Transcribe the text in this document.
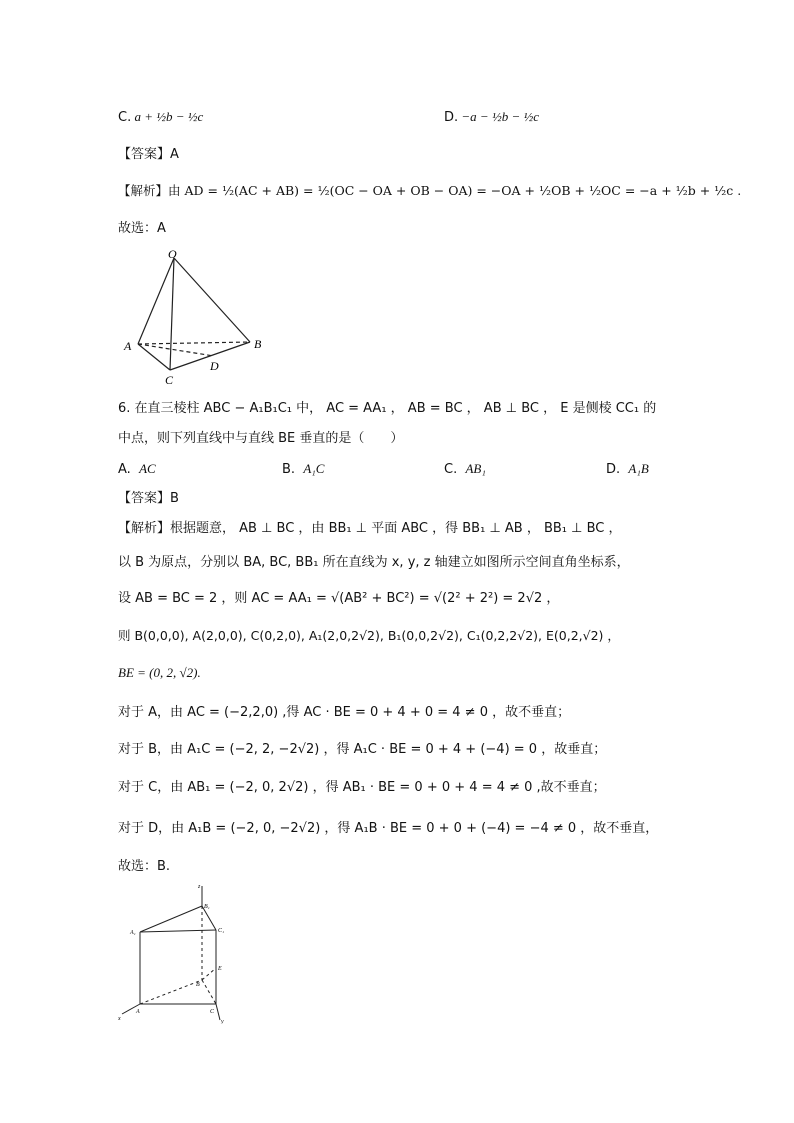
C. a + ½b − ½c	D. −a − ½b − ½c
【答案】A
【解析】由 AD = ½(AC + AB) = ½(OC − OA + OB − OA) = −OA + ½OB + ½OC = −a + ½b + ½c .
故选：A
O
A	B
C
D
6. 在直三棱柱 ABC − A₁B₁C₁ 中， AC = AA₁ ， AB = BC ， AB ⊥ BC ， E 是侧棱 CC₁ 的
中点，则下列直线中与直线 BE 垂直的是（　　）
A. AC	B. A₁C	C. AB₁	D. A₁B
【答案】B
【解析】根据题意， AB ⊥ BC ，由 BB₁ ⊥ 平面 ABC ，得 BB₁ ⊥ AB ， BB₁ ⊥ BC ，
以 B 为原点，分别以 BA, BC, BB₁ 所在直线为 x, y, z 轴建立如图所示空间直角坐标系，
设 AB = BC = 2 ，则 AC = AA₁ = √(AB² + BC²) = √(2² + 2²) = 2√2 ，
则 B(0,0,0), A(2,0,0), C(0,2,0), A₁(2,0,2√2), B₁(0,0,2√2), C₁(0,2,2√2), E(0,2,√2) ，
BE = (0, 2, √2).
对于 A，由 AC = (−2,2,0) ,得 AC · BE = 0 + 4 + 0 = 4 ≠ 0 ，故不垂直；
对于 B，由 A₁C = (−2, 2, −2√2) ，得 A₁C · BE = 0 + 4 + (−4) = 0 ，故垂直；
对于 C，由 AB₁ = (−2, 0, 2√2) ，得 AB₁ · BE = 0 + 0 + 4 = 4 ≠ 0 ,故不垂直；
对于 D，由 A₁B = (−2, 0, −2√2) ，得 A₁B · BE = 0 + 0 + (−4) = −4 ≠ 0 ，故不垂直，
故选：B.
z
B₁
A₁	C₁
E
A
B
C
x	y
